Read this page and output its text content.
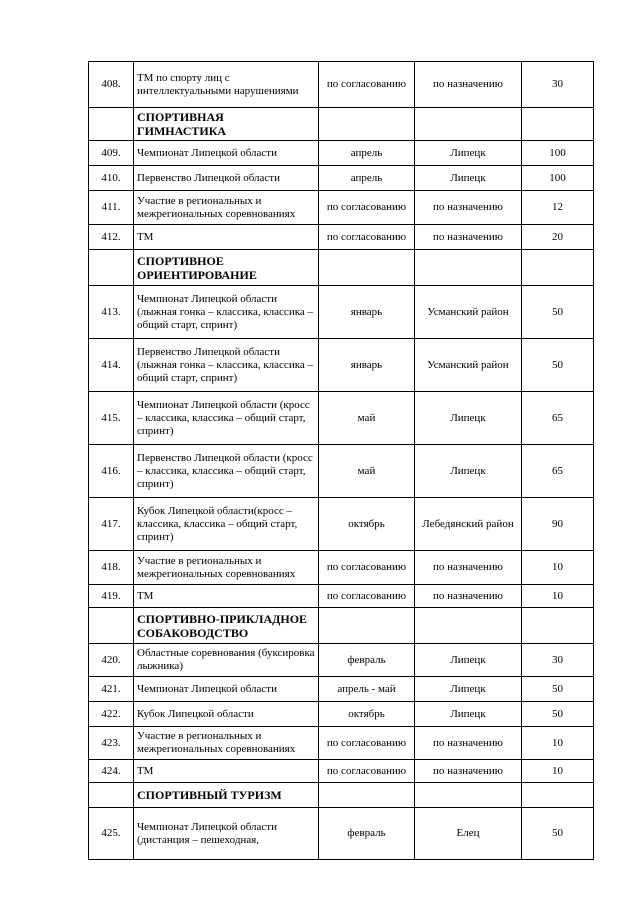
408.	ТМ по спорту лиц с интеллектуальными нарушениями	по согласованию	по назначению	30
	СПОРТИВНАЯ ГИМНАСТИКА			
409.	Чемпионат Липецкой области	апрель	Липецк	100
410.	Первенство Липецкой области	апрель	Липецк	100
411.	Участие в региональных и межрегиональных соревнованиях	по согласованию	по назначению	12
412.	ТМ	по согласованию	по назначению	20
	СПОРТИВНОЕ ОРИЕНТИРОВАНИЕ			
413.	Чемпионат Липецкой области (лыжная гонка – классика, классика – общий старт, спринт)	январь	Усманский район	50
414.	Первенство Липецкой области (лыжная гонка – классика, классика – общий старт, спринт)	январь	Усманский район	50
415.	Чемпионат Липецкой области (кросс – классика, классика – общий старт, спринт)	май	Липецк	65
416.	Первенство Липецкой области (кросс – классика, классика – общий старт, спринт)	май	Липецк	65
417.	Кубок Липецкой области(кросс – классика, классика – общий старт, спринт)	октябрь	Лебедянский район	90
418.	Участие в региональных и межрегиональных соревнованиях	по согласованию	по назначению	10
419.	ТМ	по согласованию	по назначению	10
	СПОРТИВНО-ПРИКЛАДНОЕ СОБАКОВОДСТВО			
420.	Областные соревнования (буксировка лыжника)	февраль	Липецк	30
421.	Чемпионат Липецкой области	апрель - май	Липецк	50
422.	Кубок Липецкой области	октябрь	Липецк	50
423.	Участие в региональных и межрегиональных соревнованиях	по согласованию	по назначению	10
424.	ТМ	по согласованию	по назначению	10
	СПОРТИВНЫЙ ТУРИЗМ			
425.	Чемпионат Липецкой области (дистанция – пешеходная,	февраль	Елец	50
